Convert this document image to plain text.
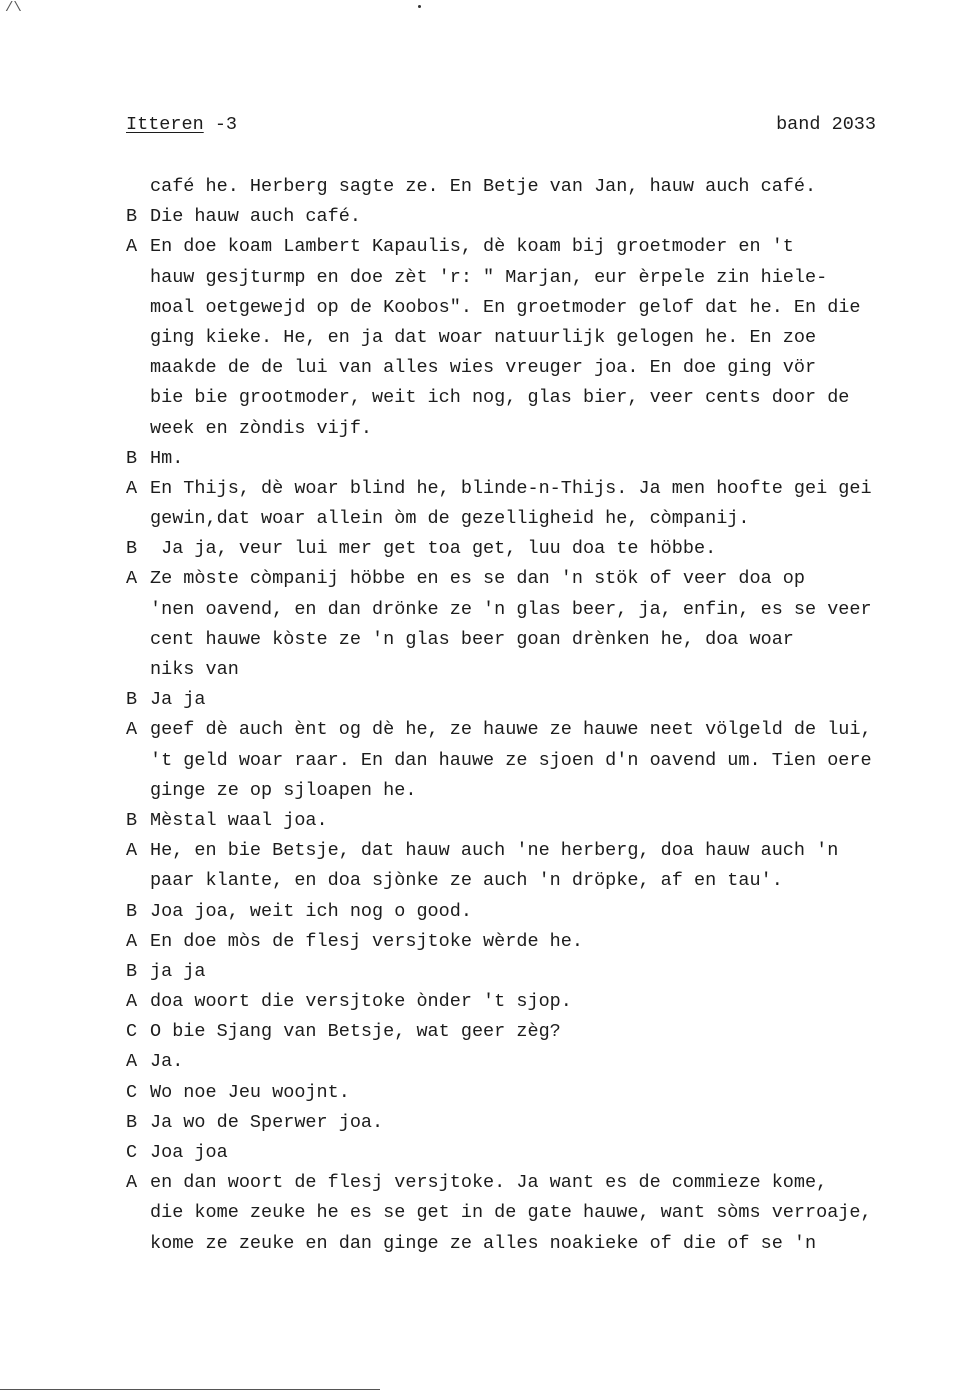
/\
Itteren -3	band 2033
café he. Herberg sagte ze. En Betje van Jan, hauw auch café.
B Die hauw auch café.
A En doe koam Lambert Kapaulis, dè koam bij groetmoder en 't
hauw gesjturmp en doe zèt 'r: " Marjan, eur èrpele zin hiele-
moal oetgewejd op de Koobos". En groetmoder gelof dat he. En die
ging kieke. He, en ja dat woar natuurlijk gelogen he. En zoe
maakde de de lui van alles wies vreuger joa. En doe ging vör
bie bie grootmoder, weit ich nog, glas bier, veer cents door de
week en zòndis vijf.
B Hm.
A En Thijs, dè woar blind he, blinde-n-Thijs. Ja men hoofte gei gei
gewin,dat woar allein òm de gezelligheid he, còmpanij.
B Ja ja, veur lui mer get toa get, luu doa te höbbe.
A Ze mòste còmpanij höbbe en es se dan 'n stök of veer doa op
'nen oavend, en dan drönke ze 'n glas beer, ja, enfin, es se veer
cent hauwe kòste ze 'n glas beer goan drènken he, doa woar
niks van
B Ja ja
A geef dè auch ènt og dè he, ze hauwe ze hauwe neet völgeld de lui,
't geld woar raar. En dan hauwe ze sjoen d'n oavend um. Tien oere
ginge ze op sjloapen he.
B Mèstal waal joa.
A He, en bie Betsje, dat hauw auch 'ne herberg, doa hauw auch 'n
paar klante, en doa sjònke ze auch 'n dröpke, af en tau'.
B Joa joa, weit ich nog o good.
A En doe mòs de flesj versjtoke wèrde he.
B ja ja
A doa woort die versjtoke ònder 't sjop.
C O bie Sjang van Betsje, wat geer zèg?
A Ja.
C Wo noe Jeu woojnt.
B Ja wo de Sperwer joa.
C Joa joa
A en dan woort de flesj versjtoke. Ja want es de commieze kome,
die kome zeuke he es se get in de gate hauwe, want sòms verroaje,
kome ze zeuke en dan ginge ze alles noakieke of die of se 'n
